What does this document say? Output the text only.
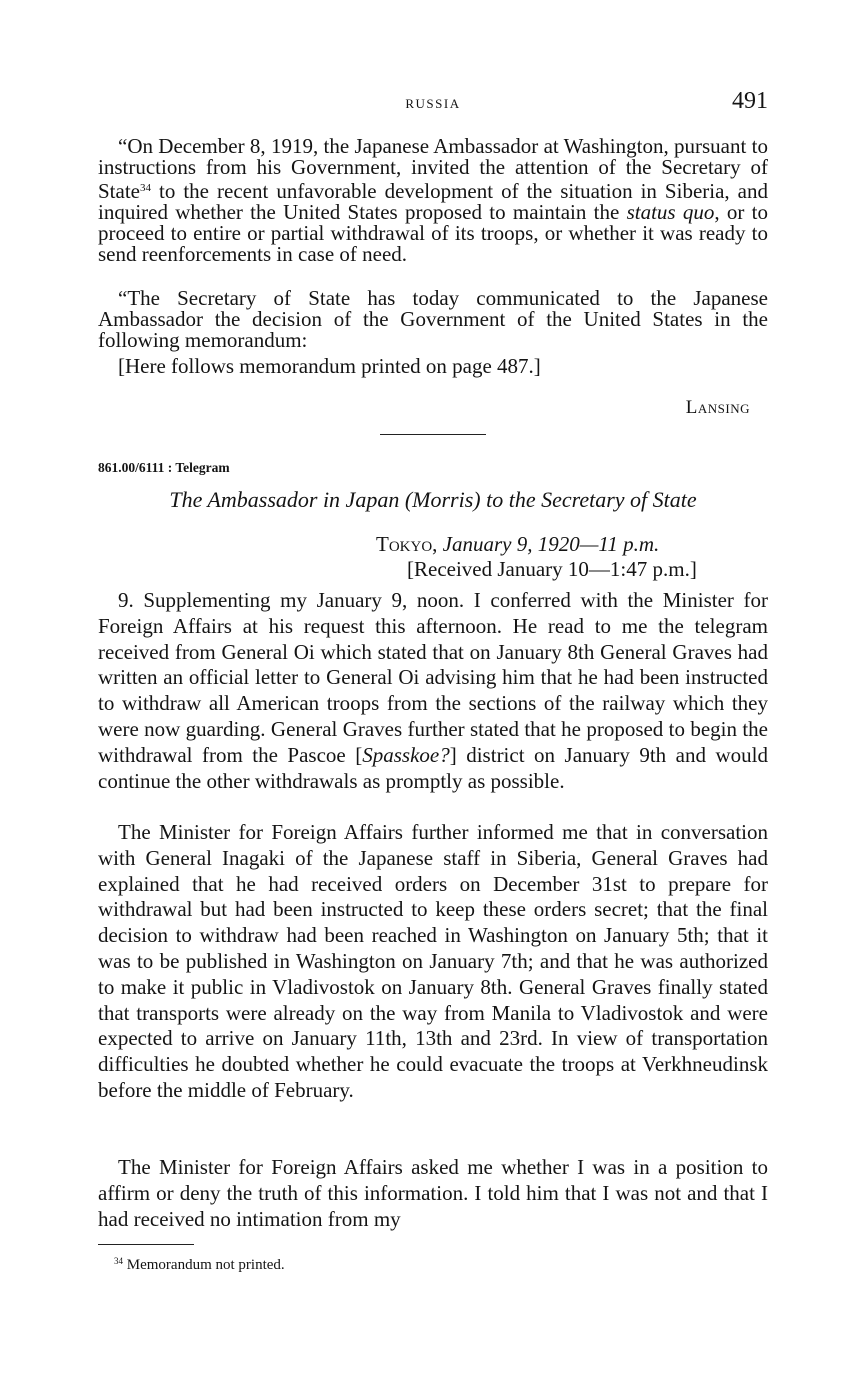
RUSSIA	491

“On December 8, 1919, the Japanese Ambassador at Washington, pursuant to instructions from his Government, invited the attention of the Secretary of State$^{34}$ to the recent unfavorable development of the situation in Siberia, and inquired whether the United States proposed to maintain the status quo, or to proceed to entire or partial withdrawal of its troops, or whether it was ready to send reenforcements in case of need.

“The Secretary of State has today communicated to the Japanese Ambassador the decision of the Government of the United States in the following memorandum:

[Here follows memorandum printed on page 487.]
Lansing
861.00/6111 : Telegram
The Ambassador in Japan (Morris) to the Secretary of State
Tokyo, January 9, 1920—11 p.m.
[Received January 10—1:47 p.m.]

9. Supplementing my January 9, noon. I conferred with the Minister for Foreign Affairs at his request this afternoon. He read to me the telegram received from General Oi which stated that on January 8th General Graves had written an official letter to General Oi advising him that he had been instructed to withdraw all American troops from the sections of the railway which they were now guarding. General Graves further stated that he proposed to begin the withdrawal from the Pascoe [Spasskoe?] district on January 9th and would continue the other withdrawals as promptly as possible.

The Minister for Foreign Affairs further informed me that in conversation with General Inagaki of the Japanese staff in Siberia, General Graves had explained that he had received orders on December 31st to prepare for withdrawal but had been instructed to keep these orders secret; that the final decision to withdraw had been reached in Washington on January 5th; that it was to be published in Washington on January 7th; and that he was authorized to make it public in Vladivostok on January 8th. General Graves finally stated that transports were already on the way from Manila to Vladivostok and were expected to arrive on January 11th, 13th and 23rd. In view of transportation difficulties he doubted whether he could evacuate the troops at Verkhneudinsk before the middle of February.

The Minister for Foreign Affairs asked me whether I was in a position to affirm or deny the truth of this information. I told him that I was not and that I had received no intimation from my

$^{34}$ Memorandum not printed.
